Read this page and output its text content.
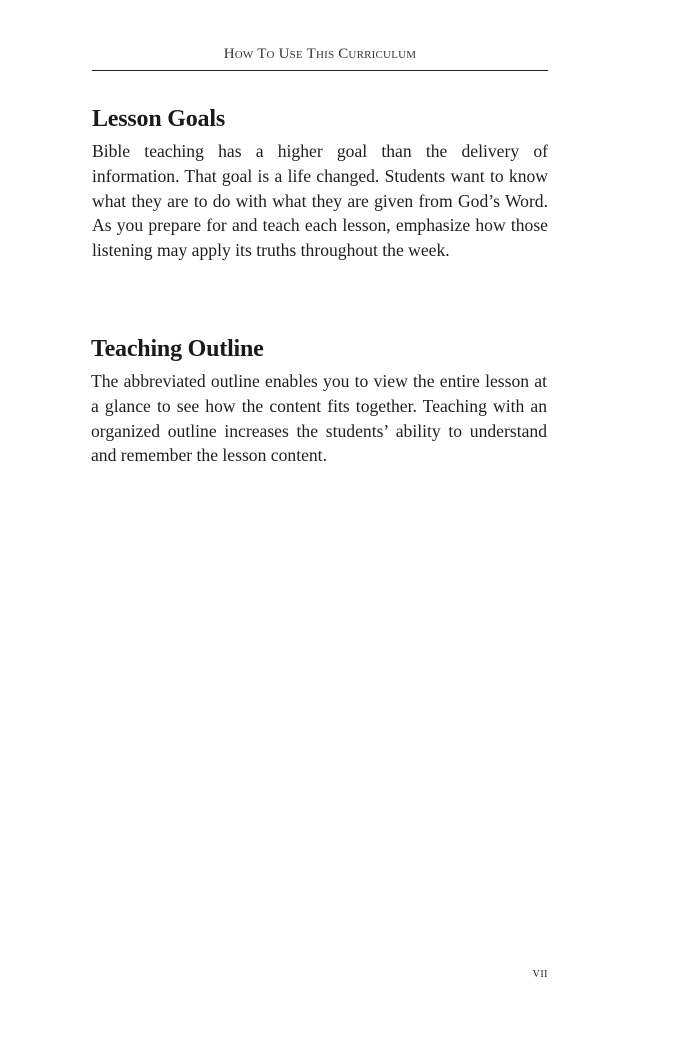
How To Use This Curriculum
Lesson Goals

Bible teaching has a higher goal than the delivery of information. That goal is a life changed. Students want to know what they are to do with what they are given from God’s Word. As you prepare for and teach each lesson, emphasize how those listening may apply its truths throughout the week.

Teaching Outline

The abbreviated outline enables you to view the entire lesson at a glance to see how the content fits together. Teaching with an organized outline increases the students’ ability to understand and remember the lesson content.

vii
